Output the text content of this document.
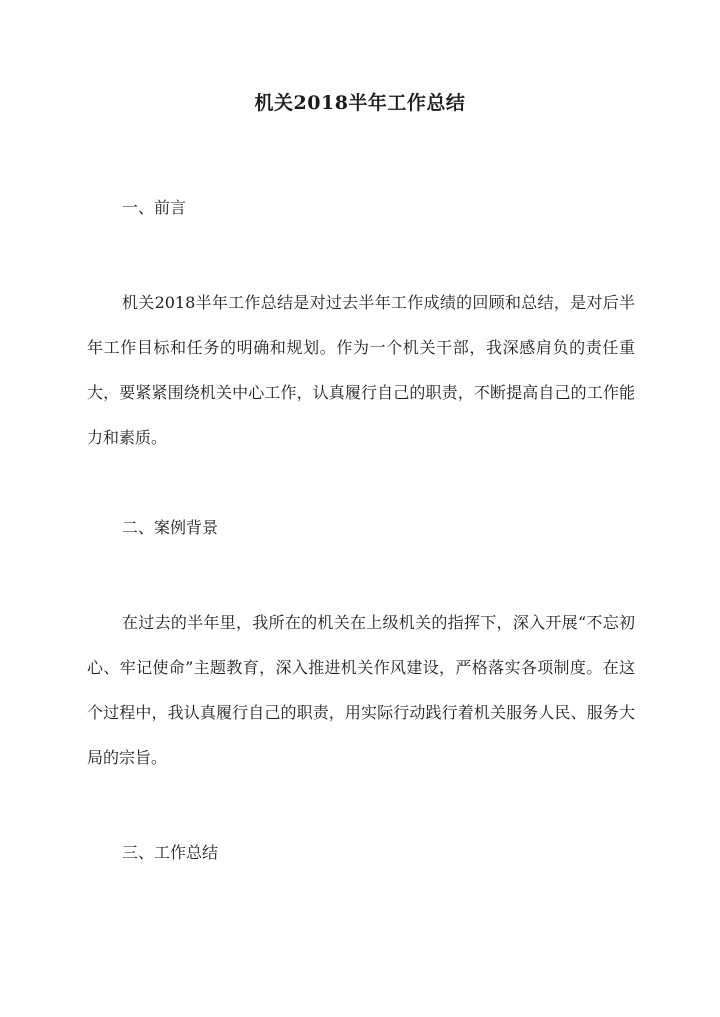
机关2018半年工作总结
一、前言
机关2018半年工作总结是对过去半年工作成绩的回顾和总结，是对后半年工作目标和任务的明确和规划。作为一个机关干部，我深感肩负的责任重大，要紧紧围绕机关中心工作，认真履行自己的职责，不断提高自己的工作能力和素质。
二、案例背景
在过去的半年里，我所在的机关在上级机关的指挥下，深入开展“不忘初心、牢记使命”主题教育，深入推进机关作风建设，严格落实各项制度。在这个过程中，我认真履行自己的职责，用实际行动践行着机关服务人民、服务大局的宗旨。
三、工作总结
